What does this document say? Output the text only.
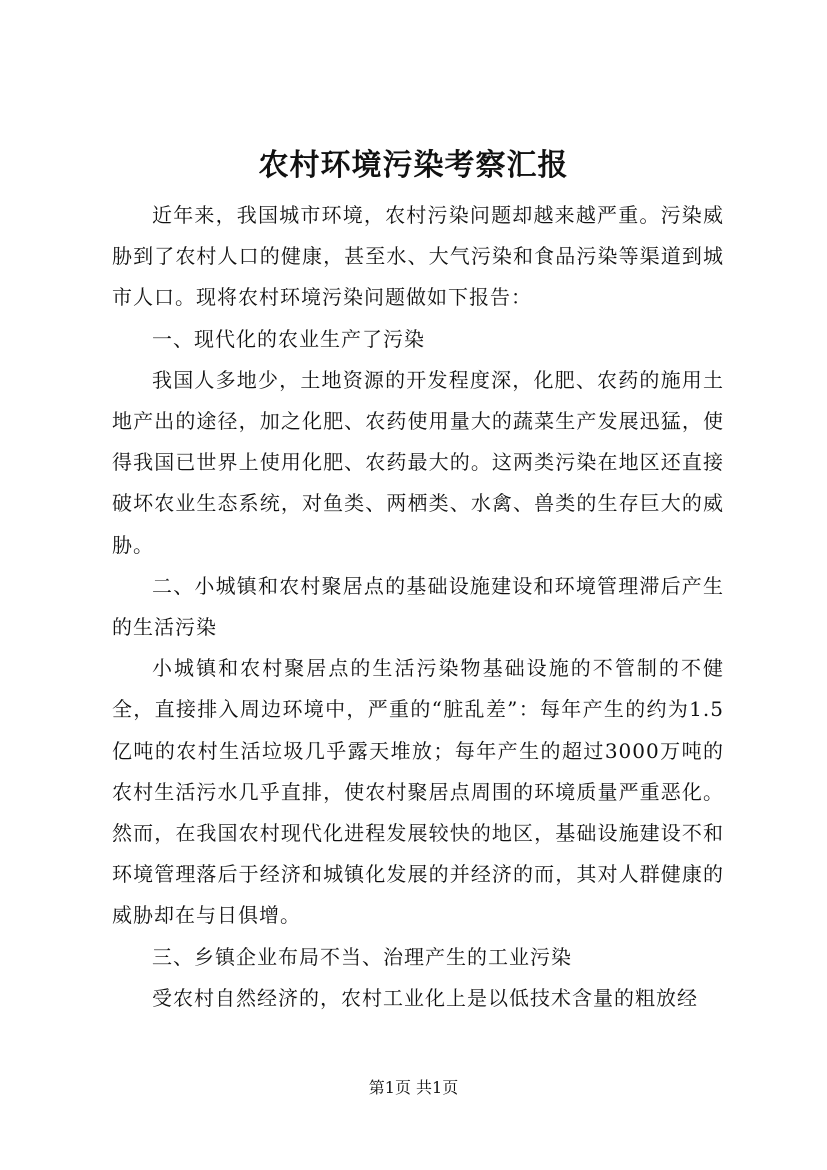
农村环境污染考察汇报

近年来，我国城市环境，农村污染问题却越来越严重。污染威胁到了农村人口的健康，甚至水、大气污染和食品污染等渠道到城市人口。现将农村环境污染问题做如下报告：

一、现代化的农业生产了污染

我国人多地少，土地资源的开发程度深，化肥、农药的施用土地产出的途径，加之化肥、农药使用量大的蔬菜生产发展迅猛，使得我国已世界上使用化肥、农药最大的。这两类污染在地区还直接破坏农业生态系统，对鱼类、两栖类、水禽、兽类的生存巨大的威胁。

二、小城镇和农村聚居点的基础设施建设和环境管理滞后产生的生活污染

小城镇和农村聚居点的生活污染物基础设施的不管制的不健全，直接排入周边环境中，严重的“脏乱差”：每年产生的约为1.5亿吨的农村生活垃圾几乎露天堆放；每年产生的超过3000万吨的农村生活污水几乎直排，使农村聚居点周围的环境质量严重恶化。然而，在我国农村现代化进程发展较快的地区，基础设施建设不和环境管理落后于经济和城镇化发展的并经济的而，其对人群健康的威胁却在与日俱增。

三、乡镇企业布局不当、治理产生的工业污染

受农村自然经济的，农村工业化上是以低技术含量的粗放经

第1页 共1页
